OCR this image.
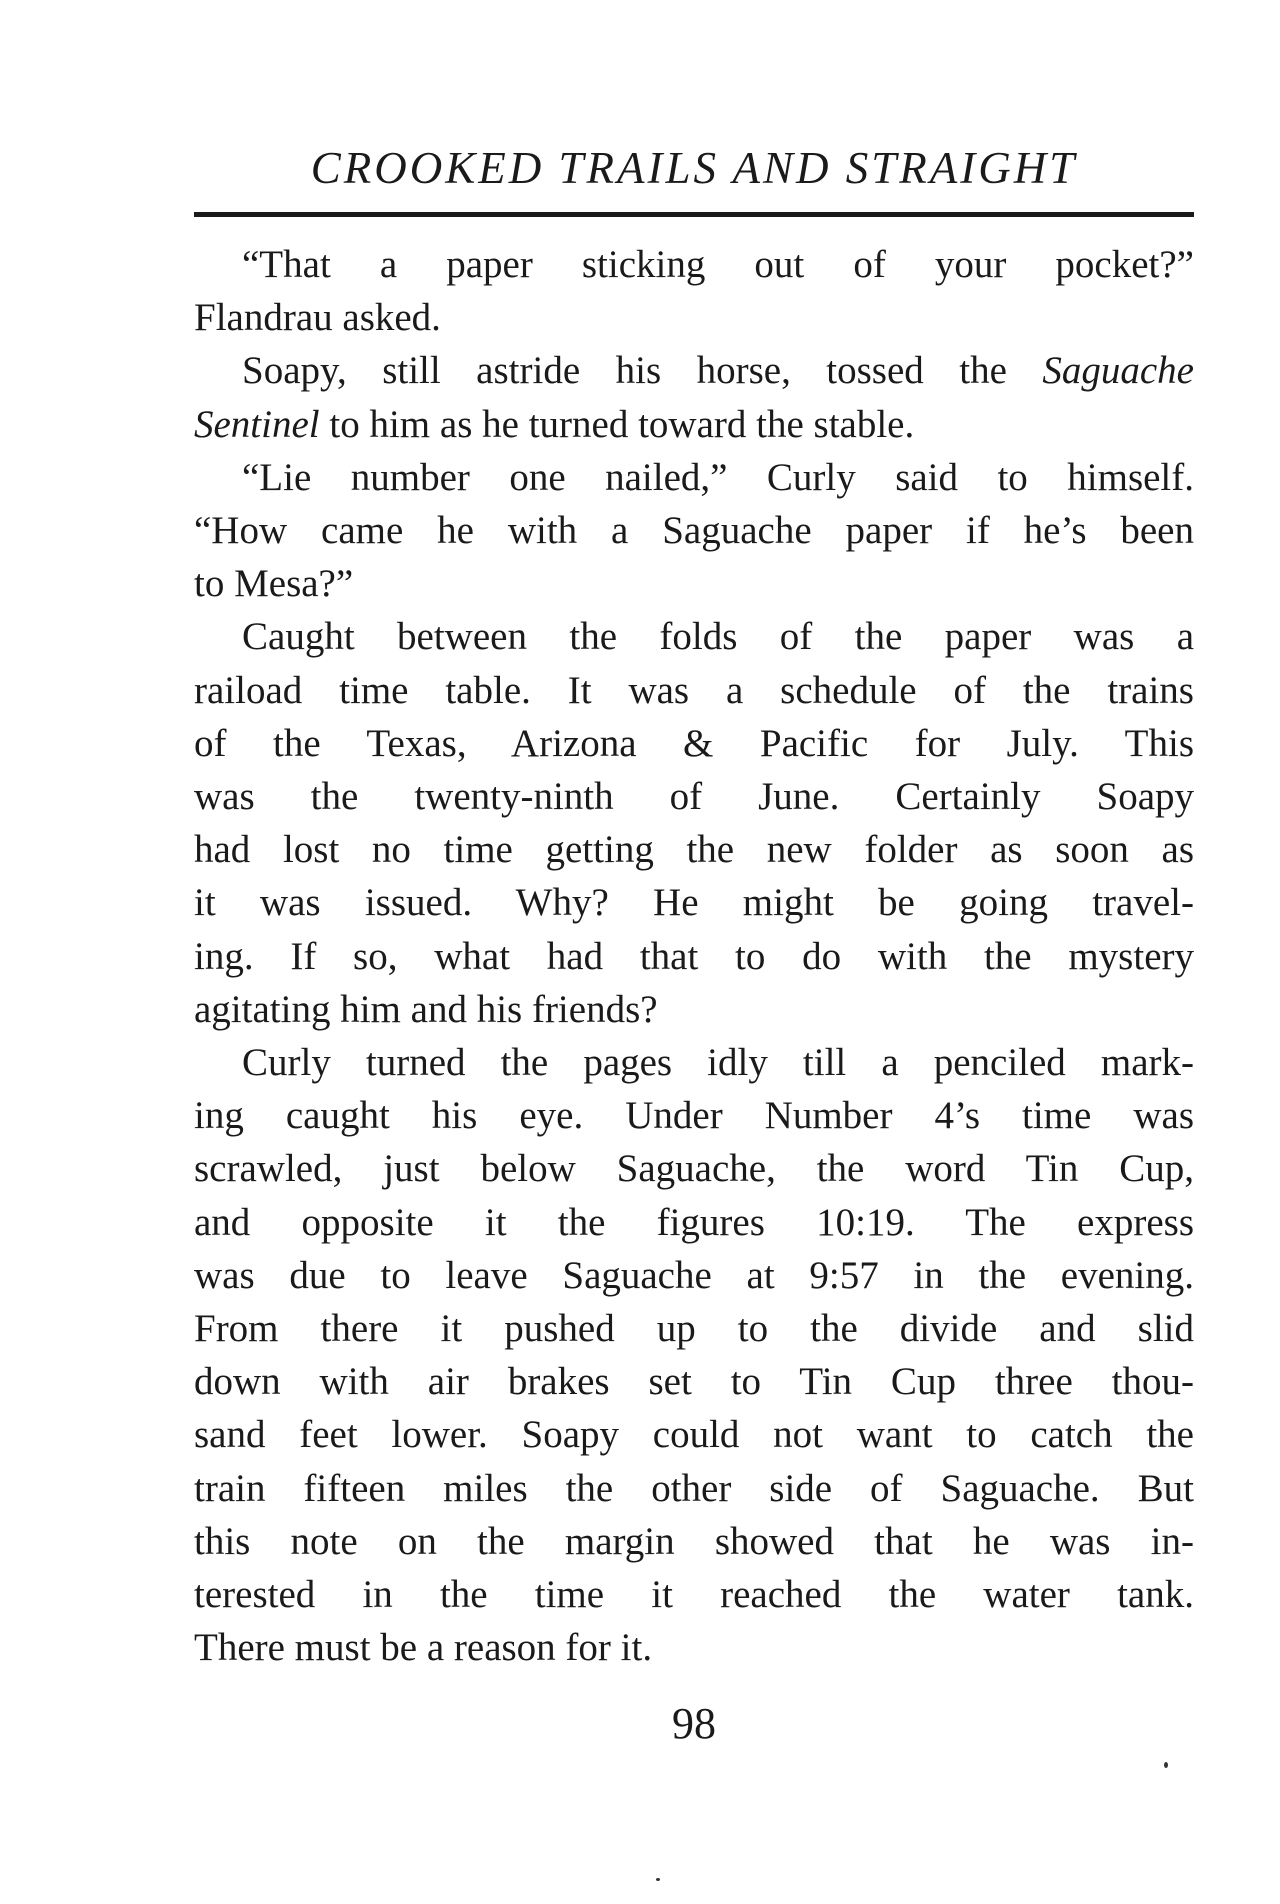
CROOKED TRAILS AND STRAIGHT
“That a paper sticking out of your pocket?”
Flandrau asked.
Soapy, still astride his horse, tossed the Saguache
Sentinel to him as he turned toward the stable.
“Lie number one nailed,” Curly said to himself.
“How came he with a Saguache paper if he’s been
to Mesa?”
Caught between the folds of the paper was a
raiload time table. It was a schedule of the trains
of the Texas, Arizona & Pacific for July. This
was the twenty-ninth of June. Certainly Soapy
had lost no time getting the new folder as soon as
it was issued. Why? He might be going travel-
ing. If so, what had that to do with the mystery
agitating him and his friends?
Curly turned the pages idly till a penciled mark-
ing caught his eye. Under Number 4’s time was
scrawled, just below Saguache, the word Tin Cup,
and opposite it the figures 10:19. The express
was due to leave Saguache at 9:57 in the evening.
From there it pushed up to the divide and slid
down with air brakes set to Tin Cup three thou-
sand feet lower. Soapy could not want to catch the
train fifteen miles the other side of Saguache. But
this note on the margin showed that he was in-
terested in the time it reached the water tank.
There must be a reason for it.
98
